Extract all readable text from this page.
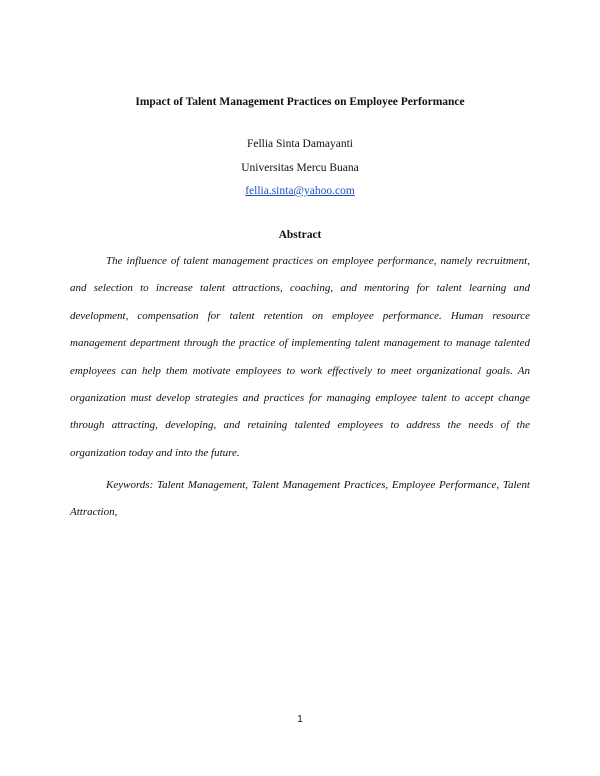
Impact of Talent Management Practices on Employee Performance
Fellia Sinta Damayanti
Universitas Mercu Buana
fellia.sinta@yahoo.com
Abstract

The influence of talent management practices on employee performance, namely recruitment, and selection to increase talent attractions, coaching, and mentoring for talent learning and development, compensation for talent retention on employee performance. Human resource management department through the practice of implementing talent management to manage talented employees can help them motivate employees to work effectively to meet organizational goals. An organization must develop strategies and practices for managing employee talent to accept change through attracting, developing, and retaining talented employees to address the needs of the organization today and into the future.

Keywords: Talent Management, Talent Management Practices, Employee Performance, Talent Attraction,

1
